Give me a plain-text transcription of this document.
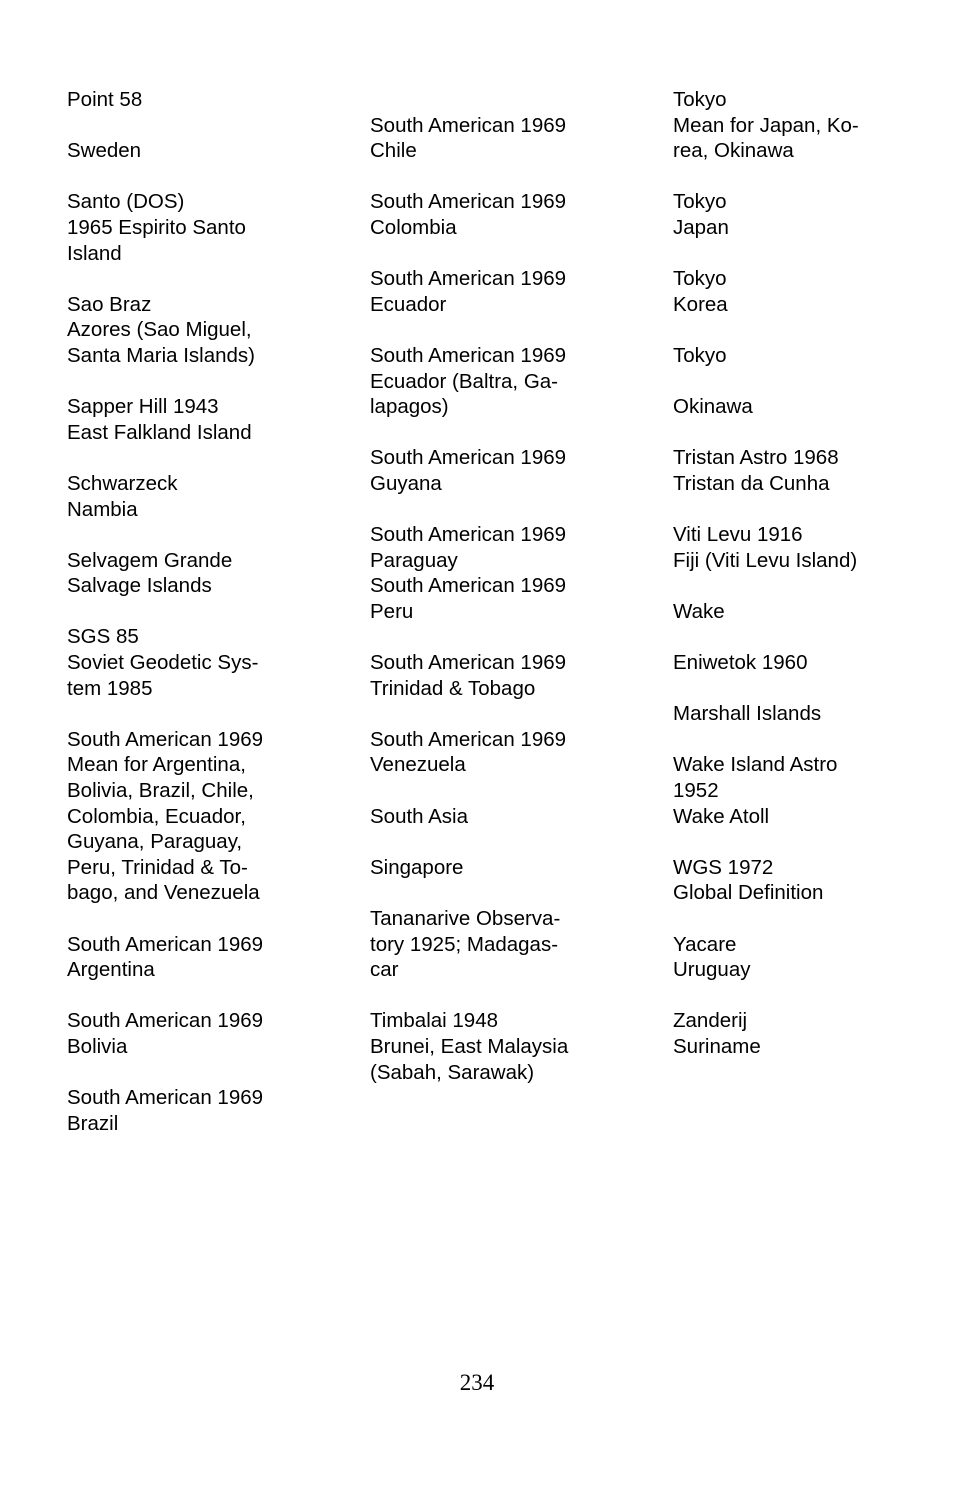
Point 58
Sweden
Santo (DOS)
1965 Espirito Santo
Island
Sao Braz
Azores (Sao Miguel,
Santa Maria Islands)
Sapper Hill 1943
East Falkland Island
Schwarzeck
Nambia
Selvagem Grande
Salvage Islands
SGS 85
Soviet Geodetic Sys-
tem 1985
South American 1969
Mean for Argentina,
Bolivia, Brazil, Chile,
Colombia, Ecuador,
Guyana, Paraguay,
Peru, Trinidad & To-
bago, and Venezuela
South American 1969
Argentina
South American 1969
Bolivia
South American 1969
Brazil
South American 1969
Chile
South American 1969
Colombia
South American 1969
Ecuador
South American 1969
Ecuador (Baltra, Ga-
lapagos)
South American 1969
Guyana
South American 1969
Paraguay
South American 1969
Peru
South American 1969
Trinidad & Tobago
South American 1969
Venezuela
South Asia
Singapore
Tananarive Observa-
tory 1925; Madagas-
car
Timbalai 1948
Brunei, East Malaysia
(Sabah, Sarawak)
Tokyo
Mean for Japan, Ko-
rea, Okinawa
Tokyo
Japan
Tokyo
Korea
Tokyo
Okinawa
Tristan Astro 1968
Tristan da Cunha
Viti Levu 1916
Fiji (Viti Levu Island)
Wake
Eniwetok 1960
Marshall Islands
Wake Island Astro
1952
Wake Atoll
WGS 1972
Global Definition
Yacare
Uruguay
Zanderij
Suriname
234
